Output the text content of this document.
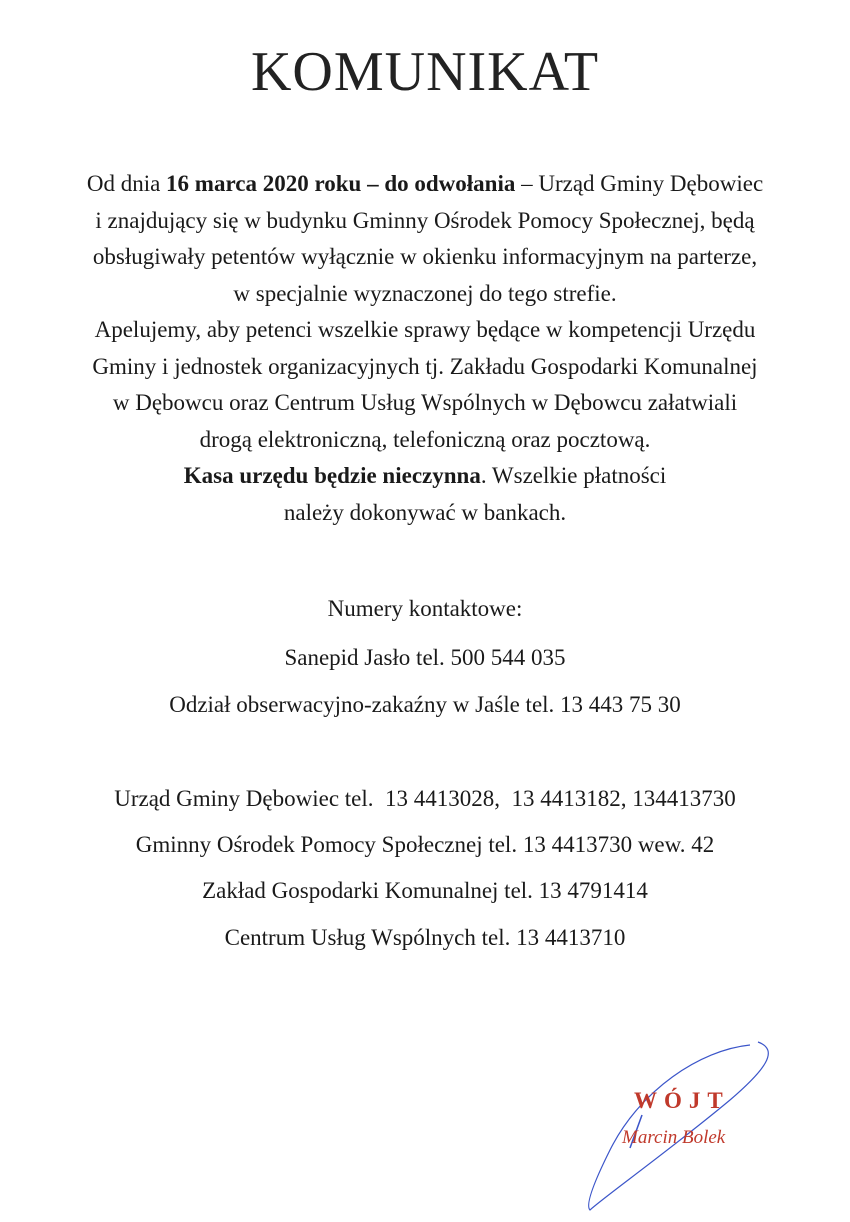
KOMUNIKAT
Od dnia 16 marca 2020 roku – do odwołania – Urząd Gminy Dębowiec
i znajdujący się w budynku Gminny Ośrodek Pomocy Społecznej, będą
obsługiwały petentów wyłącznie w okienku informacyjnym na parterze,
w specjalnie wyznaczonej do tego strefie.
Apelujemy, aby petenci wszelkie sprawy będące w kompetencji Urzędu
Gminy i jednostek organizacyjnych tj. Zakładu Gospodarki Komunalnej
w Dębowcu oraz Centrum Usług Wspólnych w Dębowcu załatwiali
drogą elektroniczną, telefoniczną oraz pocztową.
Kasa urzędu będzie nieczynna. Wszelkie płatności
należy dokonywać w bankach.
Numery kontaktowe:
Sanepid Jasło tel. 500 544 035
Odział obserwacyjno-zakaźny w Jaśle tel. 13 443 75 30
Urząd Gminy Dębowiec tel.  13 4413028,  13 4413182, 134413730
Gminny Ośrodek Pomocy Społecznej tel. 13 4413730 wew. 42
Zakład Gospodarki Komunalnej tel. 13 4791414
Centrum Usług Wspólnych tel. 13 4413710
WÓJT
Marcin Bolek
